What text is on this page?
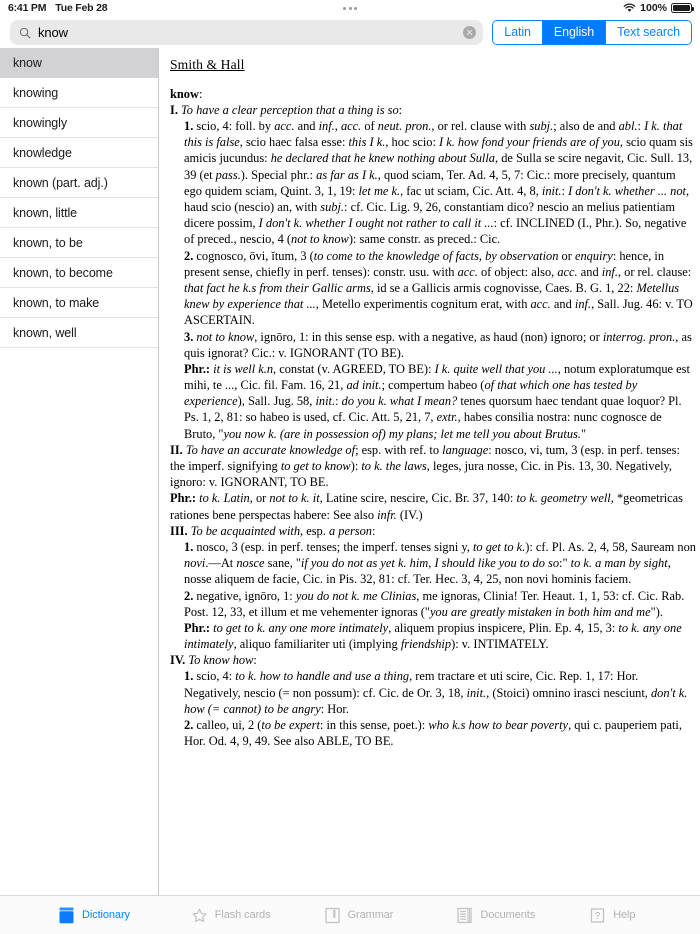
6:41 PM Tue Feb 28	100%
know	Latin	English	Text search
know
knowing
knowingly
knowledge
known (part. adj.)
known, little
known, to be
known, to become
known, to make
known, well
Smith & Hall

know:

I. To have a clear perception that a thing is so:

1. scio, 4: foll. by acc. and inf., acc. of neut. pron., or rel. clause with subj.; also de and abl.: I k. that this is false, scio haec falsa esse: this I k., hoc scio: I k. how fond your friends are of you, scio quam sis amicis jucundus: he declared that he knew nothing about Sulla, de Sulla se scire negavit, Cic. Sull. 13, 39 (et pass.). Special phr.: as far as I k., quod sciam, Ter. Ad. 4, 5, 7: Cic.: more precisely, quantum ego quidem sciam, Quint. 3, 1, 19: let me k., fac ut sciam, Cic. Att. 4, 8, init.: I don't k. whether ... not, haud scio (nescio) an, with subj.: cf. Cic. Lig. 9, 26, constantiam dico? nescio an melius patientiam dicere possim, I don't k. whether I ought not rather to call it ...: cf. INCLINED (I., Phr.). So, negative of preced., nescio, 4 (not to know): same constr. as preced.: Cic.

2. cognosco, ōvi, ĭtum, 3 (to come to the knowledge of facts, by observation or enquiry: hence, in present sense, chiefly in perf. tenses): constr. usu. with acc. of object: also, acc. and inf., or rel. clause: that fact he k.s from their Gallic arms, id se a Gallicis armis cognovisse, Caes. B. G. 1, 22: Metellus knew by experience that ..., Metello experimentis cognitum erat, with acc. and inf., Sall. Jug. 46: v. TO ASCERTAIN.

3. not to know, ignōro, 1: in this sense esp. with a negative, as haud (non) ignoro; or interrog. pron., as quis ignorat? Cic.: v. IGNORANT (TO BE).

Phr.: it is well k.n, constat (v. AGREED, TO BE): I k. quite well that you ..., notum exploratumque est mihi, te ..., Cic. fil. Fam. 16, 21, ad init.; compertum habeo (of that which one has tested by experience), Sall. Jug. 58, init.: do you k. what I mean? tenes quorsum haec tendant quae loquor? Pl. Ps. 1, 2, 81: so habeo is used, cf. Cic. Att. 5, 21, 7, extr., habes consilia nostra: nunc cognosce de Bruto, "you now k. (are in possession of) my plans; let me tell you about Brutus."

II. To have an accurate knowledge of; esp. with ref. to language: nosco, vi, tum, 3 (esp. in perf. tenses: the imperf. signifying to get to know): to k. the laws, leges, jura nosse, Cic. in Pis. 13, 30. Negatively, ignoro: v. IGNORANT, TO BE.

Phr.: to k. Latin, or not to k. it, Latine scire, nescire, Cic. Br. 37, 140: to k. geometry well, *geometricas rationes bene perspectas habere: See also infr. (IV.)

III. To be acquainted with, esp. a person:

1. nosco, 3 (esp. in perf. tenses; the imperf. tenses signi y, to get to k.): cf. Pl. As. 2, 4, 58, Sauream non novi.—At nosce sane, "if you do not as yet k. him, I should like you to do so:" to k. a man by sight, nosse aliquem de facie, Cic. in Pis. 32, 81: cf. Ter. Hec. 3, 4, 25, non novi hominis faciem.

2. negative, ignōro, 1: you do not k. me Clinias, me ignoras, Clinia! Ter. Heaut. 1, 1, 53: cf. Cic. Rab. Post. 12, 33, et illum et me vehementer ignoras ("you are greatly mistaken in both him and me").

Phr.: to get to k. any one more intimately, aliquem propius inspicere, Plin. Ep. 4, 15, 3: to k. any one intimately, aliquo familiariter uti (implying friendship): v. INTIMATELY.

IV. To know how:

1. scio, 4: to k. how to handle and use a thing, rem tractare et uti scire, Cic. Rep. 1, 17: Hor. Negatively, nescio (= non possum): cf. Cic. de Or. 3, 18, init., (Stoici) omnino irasci nesciunt, don't k. how (= cannot) to be angry: Hor.

2. calleo, ui, 2 (to be expert: in this sense, poet.): who k.s how to bear poverty, qui c. pauperiem pati, Hor. Od. 4, 9, 49. See also ABLE, TO BE.

Dictionary	Flash cards	Grammar	Documents	? Help
